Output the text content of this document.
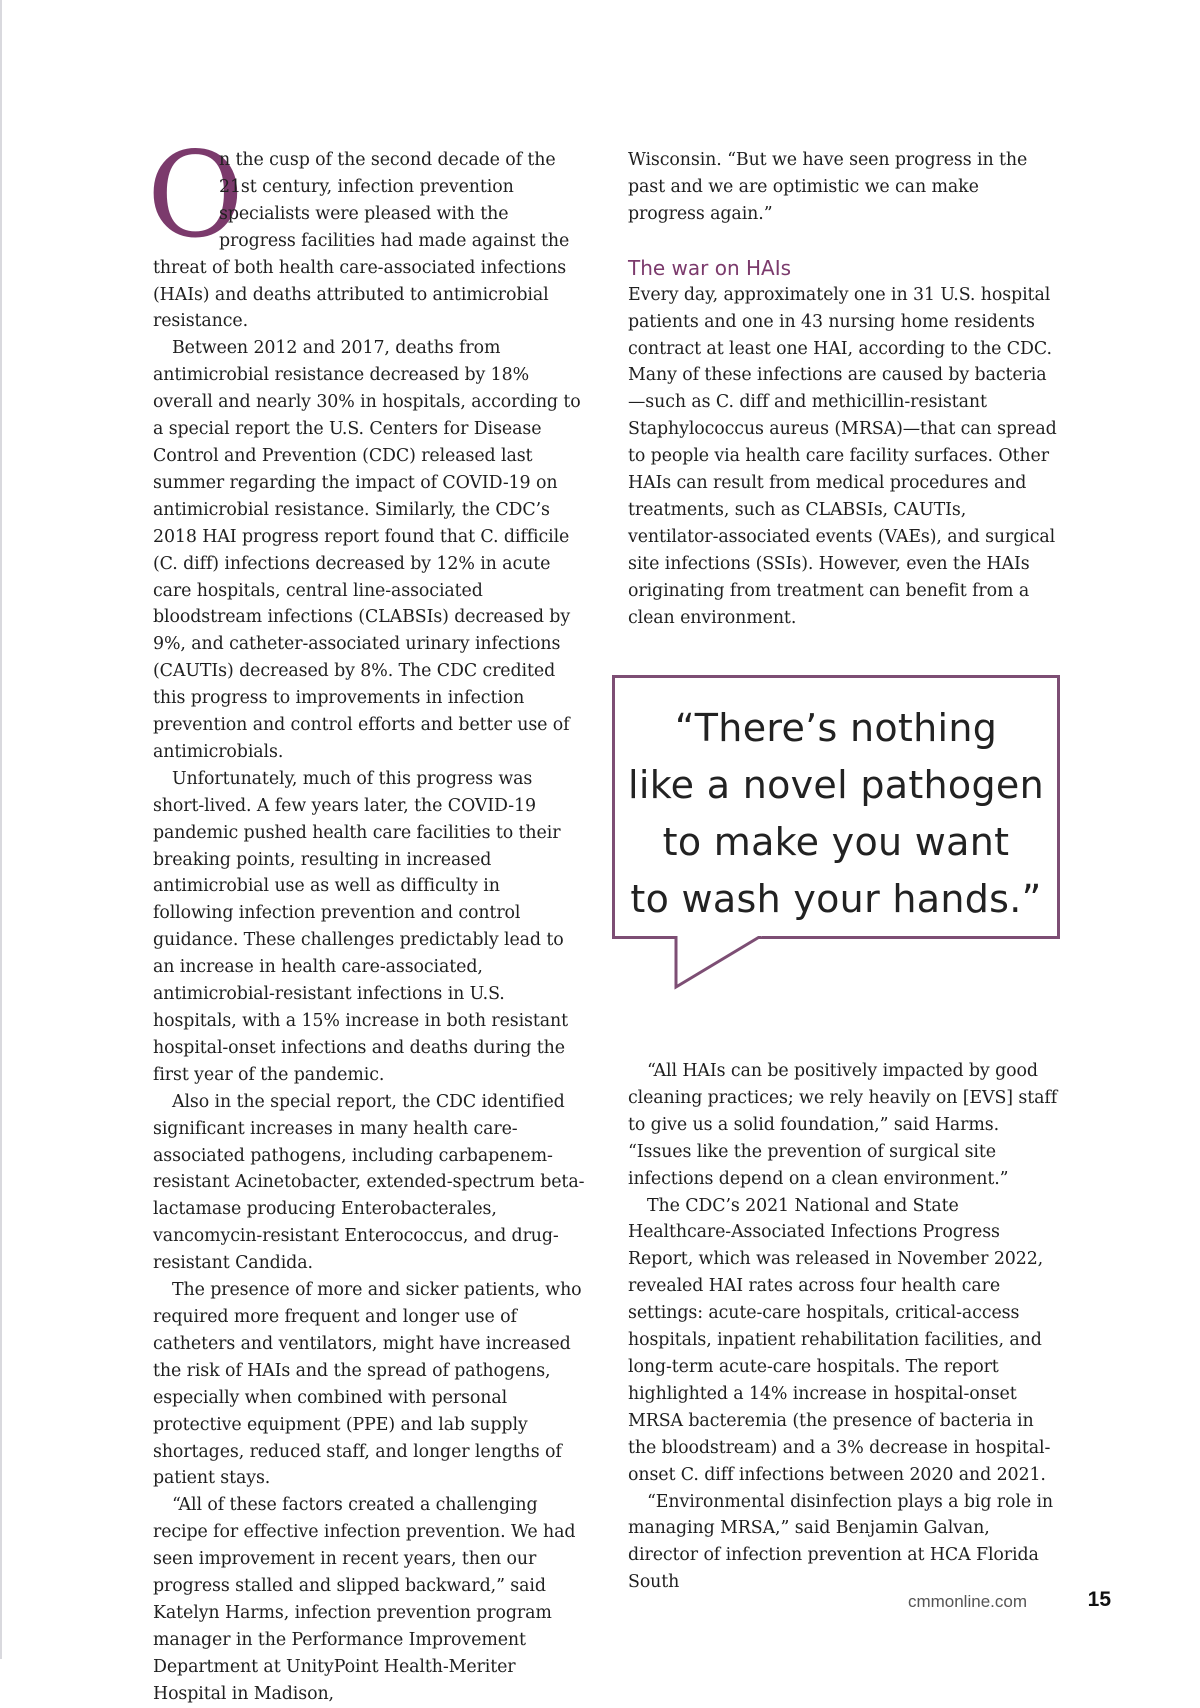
O

n the cusp of the second decade of the 21st century, infection prevention specialists were pleased with the progress facilities had made against the threat of both health care-associated infections (HAIs) and deaths attributed to antimicrobial resistance.

Between 2012 and 2017, deaths from antimicrobial resistance decreased by 18% overall and nearly 30% in hospitals, according to a special report the U.S. Centers for Disease Control and Prevention (CDC) released last summer regarding the impact of COVID-19 on antimicrobial resistance. Similarly, the CDC’s 2018 HAI progress report found that C. difficile (C. diff) infections decreased by 12% in acute care hospitals, central line-associated bloodstream infections (CLABSIs) decreased by 9%, and catheter-associated urinary infections (CAUTIs) decreased by 8%. The CDC credited this progress to improvements in infection prevention and control efforts and better use of antimicrobials.

Unfortunately, much of this progress was short-lived. A few years later, the COVID-19 pandemic pushed health care facilities to their breaking points, resulting in increased antimicrobial use as well as difficulty in following infection prevention and control guidance. These challenges predictably lead to an increase in health care-associated, antimicrobial-resistant infections in U.S. hospitals, with a 15% increase in both resistant hospital-onset infections and deaths during the first year of the pandemic.

Also in the special report, the CDC identified significant increases in many health care-associated pathogens, including carbapenem-resistant Acinetobacter, extended-spectrum beta-lactamase producing Enterobacterales, vancomycin-resistant Enterococcus, and drug-resistant Candida.

The presence of more and sicker patients, who required more frequent and longer use of catheters and ventilators, might have increased the risk of HAIs and the spread of pathogens, especially when combined with personal protective equipment (PPE) and lab supply shortages, reduced staff, and longer lengths of patient stays.

“All of these factors created a challenging recipe for effective infection prevention. We had seen improvement in recent years, then our progress stalled and slipped backward,” said Katelyn Harms, infection prevention program manager in the Performance Improvement Department at UnityPoint Health-Meriter Hospital in Madison,

Wisconsin. “But we have seen progress in the past and we are optimistic we can make progress again.”

The war on HAIs

Every day, approximately one in 31 U.S. hospital patients and one in 43 nursing home residents contract at least one HAI, according to the CDC. Many of these infections are caused by bacteria—such as C. diff and methicillin-resistant Staphylococcus aureus (MRSA)—that can spread to people via health care facility surfaces. Other HAIs can result from medical procedures and treatments, such as CLABSIs, CAUTIs, ventilator-associated events (VAEs), and surgical site infections (SSIs). However, even the HAIs originating from treatment can benefit from a clean environment.

“There’s nothing
like a novel pathogen
to make you want
to wash your hands.”

“All HAIs can be positively impacted by good cleaning practices; we rely heavily on [EVS] staff to give us a solid foundation,” said Harms. “Issues like the prevention of surgical site infections depend on a clean environment.”

The CDC’s 2021 National and State Healthcare-Associated Infections Progress Report, which was released in November 2022, revealed HAI rates across four health care settings: acute-care hospitals, critical-access hospitals, inpatient rehabilitation facilities, and long-term acute-care hospitals. The report highlighted a 14% increase in hospital-onset MRSA bacteremia (the presence of bacteria in the bloodstream) and a 3% decrease in hospital-onset C. diff infections between 2020 and 2021.

“Environmental disinfection plays a big role in managing MRSA,” said Benjamin Galvan, director of infection prevention at HCA Florida South

cmmonline.com	15
